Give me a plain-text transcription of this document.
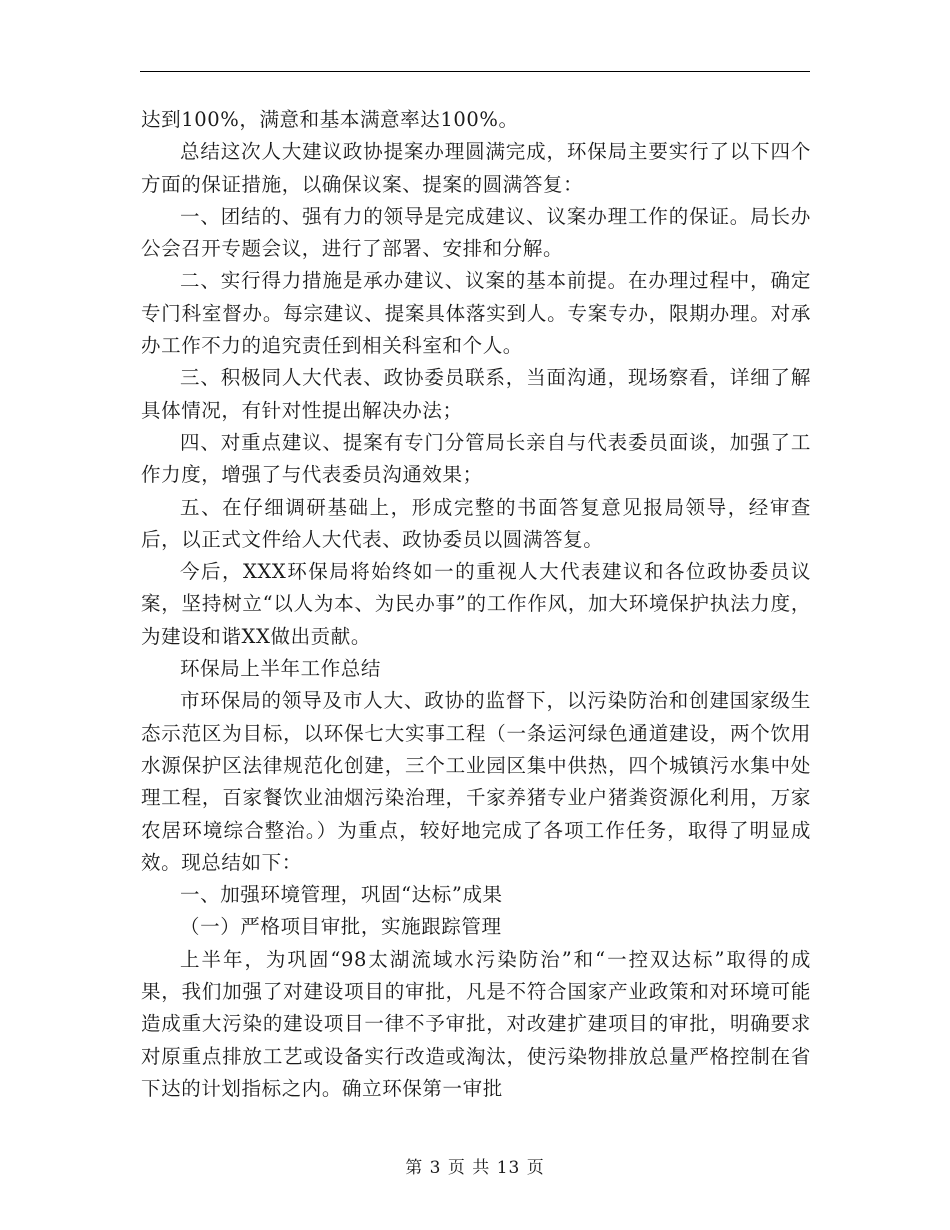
达到100%，满意和基本满意率达100%。

总结这次人大建议政协提案办理圆满完成，环保局主要实行了以下四个方面的保证措施，以确保议案、提案的圆满答复：

一、团结的、强有力的领导是完成建议、议案办理工作的保证。局长办公会召开专题会议，进行了部署、安排和分解。

二、实行得力措施是承办建议、议案的基本前提。在办理过程中，确定专门科室督办。每宗建议、提案具体落实到人。专案专办，限期办理。对承办工作不力的追究责任到相关科室和个人。

三、积极同人大代表、政协委员联系，当面沟通，现场察看，详细了解具体情况，有针对性提出解决办法；

四、对重点建议、提案有专门分管局长亲自与代表委员面谈，加强了工作力度，增强了与代表委员沟通效果；

五、在仔细调研基础上，形成完整的书面答复意见报局领导，经审查后，以正式文件给人大代表、政协委员以圆满答复。

今后，XXX环保局将始终如一的重视人大代表建议和各位政协委员议案，坚持树立“以人为本、为民办事”的工作作风，加大环境保护执法力度，为建设和谐XX做出贡献。

环保局上半年工作总结

市环保局的领导及市人大、政协的监督下，以污染防治和创建国家级生态示范区为目标，以环保七大实事工程（一条运河绿色通道建设，两个饮用水源保护区法律规范化创建，三个工业园区集中供热，四个城镇污水集中处理工程，百家餐饮业油烟污染治理，千家养猪专业户猪粪资源化利用，万家农居环境综合整治。）为重点，较好地完成了各项工作任务，取得了明显成效。现总结如下：

一、加强环境管理，巩固“达标”成果

（一）严格项目审批，实施跟踪管理

上半年，为巩固“98太湖流域水污染防治”和“一控双达标”取得的成果，我们加强了对建设项目的审批，凡是不符合国家产业政策和对环境可能造成重大污染的建设项目一律不予审批，对改建扩建项目的审批，明确要求对原重点排放工艺或设备实行改造或淘汰，使污染物排放总量严格控制在省下达的计划指标之内。确立环保第一审批

第 3 页 共 13 页
